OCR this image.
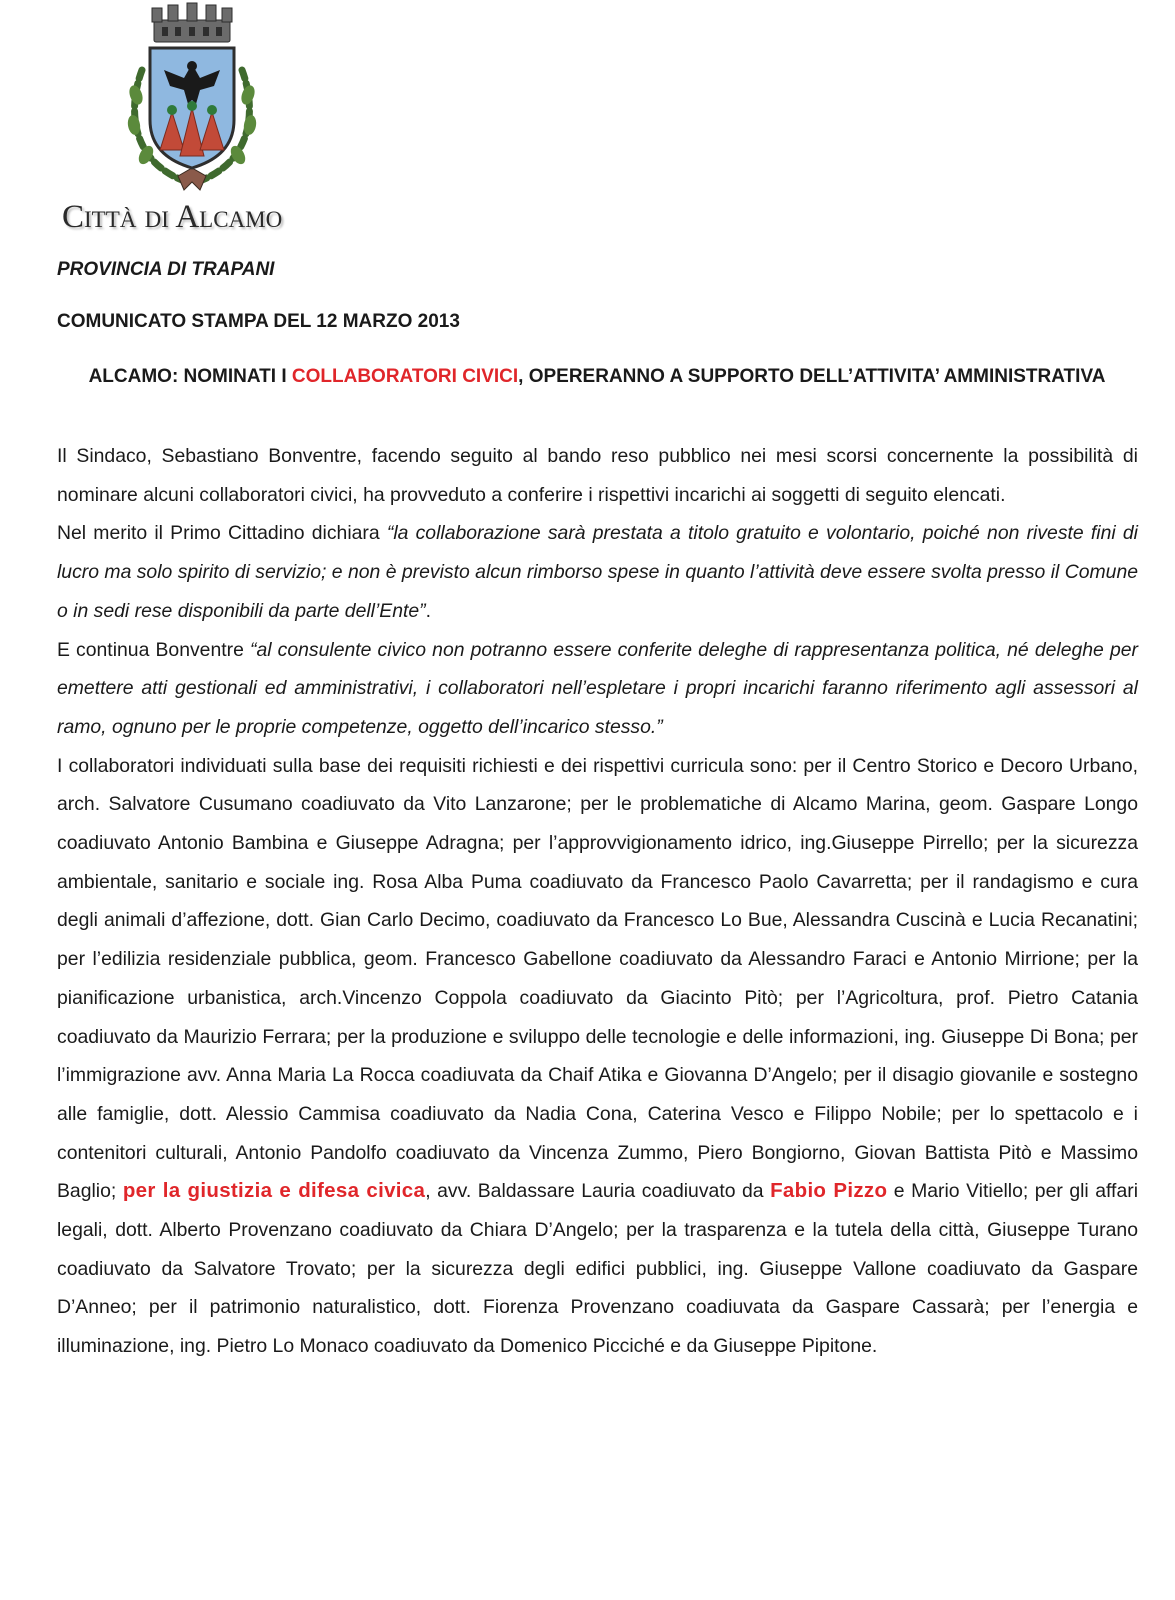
Città di Alcamo
PROVINCIA DI TRAPANI
COMUNICATO STAMPA DEL 12 MARZO 2013
ALCAMO: NOMINATI I COLLABORATORI CIVICI, OPERERANNO A SUPPORTO DELL’ATTIVITA’ AMMINISTRATIVA

Il Sindaco, Sebastiano Bonventre, facendo seguito al bando reso pubblico nei mesi scorsi concernente la possibilità di nominare alcuni collaboratori civici, ha provveduto a conferire i rispettivi incarichi ai soggetti di seguito elencati.

Nel merito il Primo Cittadino dichiara “la collaborazione sarà prestata a titolo gratuito e volontario, poiché non riveste fini di lucro ma solo spirito di servizio; e non è previsto alcun rimborso spese in quanto l’attività deve essere svolta presso il Comune o in sedi rese disponibili da parte dell’Ente”.

E continua Bonventre “al consulente civico non potranno essere conferite deleghe di rappresentanza politica, né deleghe per emettere atti gestionali ed amministrativi, i collaboratori nell’espletare i propri incarichi faranno riferimento agli assessori al ramo, ognuno per le proprie competenze, oggetto dell’incarico stesso.”

I collaboratori individuati sulla base dei requisiti richiesti e dei rispettivi curricula sono: per il Centro Storico e Decoro Urbano, arch. Salvatore Cusumano coadiuvato da Vito Lanzarone; per le problematiche di Alcamo Marina, geom. Gaspare Longo coadiuvato Antonio Bambina e Giuseppe Adragna; per l’approvvigionamento idrico, ing.Giuseppe Pirrello; per la sicurezza ambientale, sanitario e sociale ing. Rosa Alba Puma coadiuvato da Francesco Paolo Cavarretta; per il randagismo e cura degli animali d’affezione, dott. Gian Carlo Decimo, coadiuvato da Francesco Lo Bue, Alessandra Cuscinà e Lucia Recanatini; per l’edilizia residenziale pubblica, geom. Francesco Gabellone coadiuvato da Alessandro Faraci e Antonio Mirrione; per la pianificazione urbanistica, arch.Vincenzo Coppola coadiuvato da Giacinto Pitò; per l’Agricoltura, prof. Pietro Catania coadiuvato da Maurizio Ferrara; per la produzione e sviluppo delle tecnologie e delle informazioni, ing. Giuseppe Di Bona; per l’immigrazione avv. Anna Maria La Rocca coadiuvata da Chaif Atika e Giovanna D’Angelo; per il disagio giovanile e sostegno alle famiglie, dott. Alessio Cammisa coadiuvato da Nadia Cona, Caterina Vesco e Filippo Nobile; per lo spettacolo e i contenitori culturali, Antonio Pandolfo coadiuvato da Vincenza Zummo, Piero Bongiorno, Giovan Battista Pitò e Massimo Baglio; per la giustizia e difesa civica, avv. Baldassare Lauria coadiuvato da Fabio Pizzo e Mario Vitiello; per gli affari legali, dott. Alberto Provenzano coadiuvato da Chiara D’Angelo; per la trasparenza e la tutela della città, Giuseppe Turano coadiuvato da Salvatore Trovato; per la sicurezza degli edifici pubblici, ing. Giuseppe Vallone coadiuvato da Gaspare D’Anneo; per il patrimonio naturalistico, dott. Fiorenza Provenzano coadiuvata da Gaspare Cassarà; per l’energia e illuminazione, ing. Pietro Lo Monaco coadiuvato da Domenico Picciché e da Giuseppe Pipitone.
